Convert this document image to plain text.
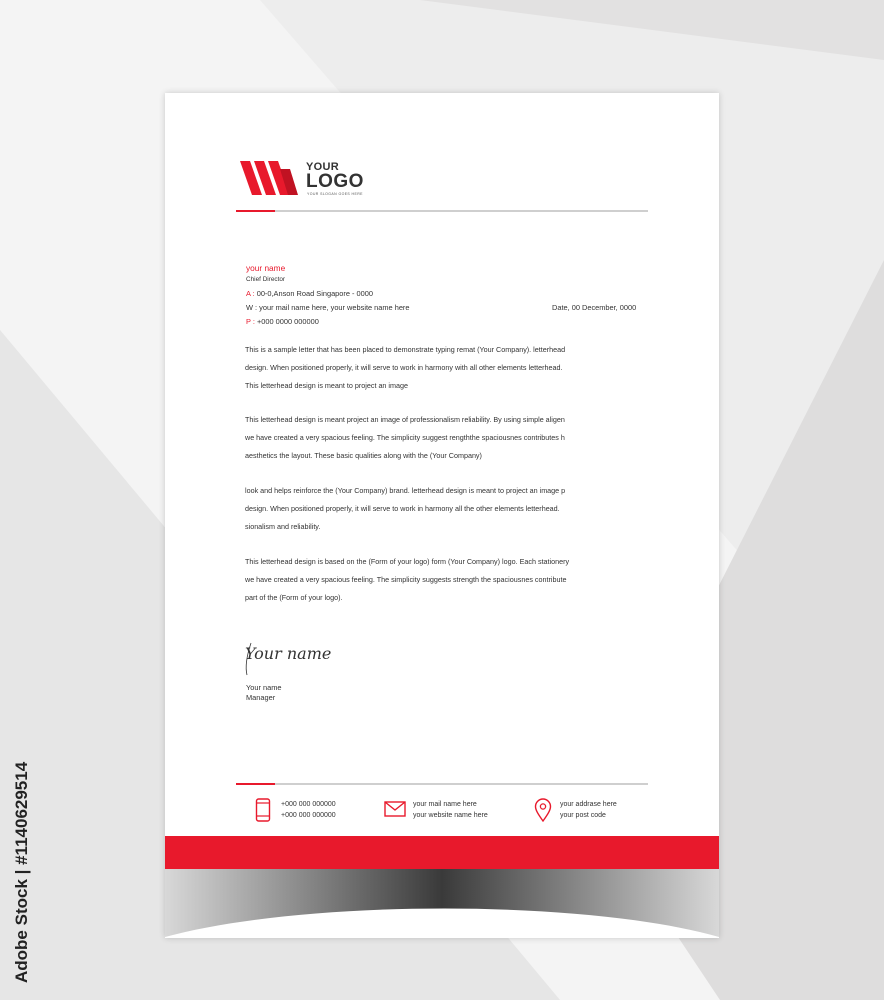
YOUR
LOGO
YOUR SLOGAN GOES HERE
your name
Chief Director
A : 00-0,Anson Road Singapore - 0000
W : your mail name here, your website name here
P : +000 0000 000000
Date, 00 December, 0000
This is a sample letter that has been placed to demonstrate typing remat (Your Company). letterhead
design. When positioned properly, it will serve to work in harmony with all other elements letterhead.
This letterhead design is meant to project an image
This letterhead design is meant project an image of professionalism reliability. By using simple aligen
we have created a very spacious feeling. The simplicity suggest rengththe spaciousnes contributes h
aesthetics the layout. These basic qualities along with the (Your Company)
look and helps reinforce the (Your Company) brand. letterhead design is meant to project an image p
design. When positioned properly, it will serve to work in harmony all the other elements letterhead.
sionalism and reliability.
This letterhead design is based on the (Form of your logo) form (Your Company) logo. Each stationery
we have created a very spacious feeling. The simplicity suggests strength the spaciousnes contribute
part of the (Form of your logo).
Your name
Your name
Manager
+000 000 000000
+000 000 000000
your mail name here
your website name here
your addrase here
your post code
Adobe Stock | #1140629514
